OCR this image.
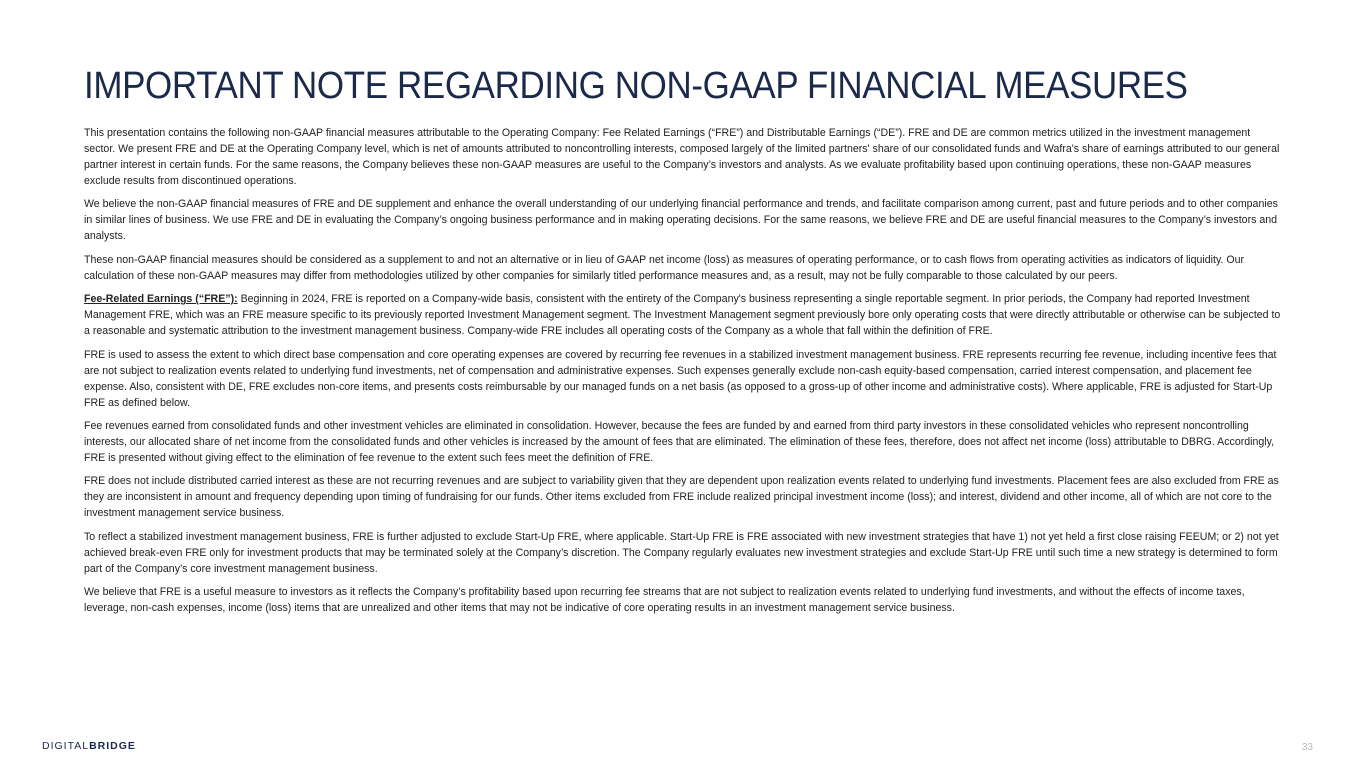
IMPORTANT NOTE REGARDING NON-GAAP FINANCIAL MEASURES

This presentation contains the following non-GAAP financial measures attributable to the Operating Company: Fee Related Earnings (“FRE”) and Distributable Earnings (“DE”). FRE and DE are common metrics utilized in the investment management sector. We present FRE and DE at the Operating Company level, which is net of amounts attributed to noncontrolling interests, composed largely of the limited partners' share of our consolidated funds and Wafra's share of earnings attributed to our general partner interest in certain funds. For the same reasons, the Company believes these non-GAAP measures are useful to the Company’s investors and analysts. As we evaluate profitability based upon continuing operations, these non-GAAP measures exclude results from discontinued operations.

We believe the non-GAAP financial measures of FRE and DE supplement and enhance the overall understanding of our underlying financial performance and trends, and facilitate comparison among current, past and future periods and to other companies in similar lines of business. We use FRE and DE in evaluating the Company’s ongoing business performance and in making operating decisions. For the same reasons, we believe FRE and DE are useful financial measures to the Company’s investors and analysts.

These non-GAAP financial measures should be considered as a supplement to and not an alternative or in lieu of GAAP net income (loss) as measures of operating performance, or to cash flows from operating activities as indicators of liquidity. Our calculation of these non-GAAP measures may differ from methodologies utilized by other companies for similarly titled performance measures and, as a result, may not be fully comparable to those calculated by our peers.

Fee-Related Earnings (“FRE”): Beginning in 2024, FRE is reported on a Company-wide basis, consistent with the entirety of the Company's business representing a single reportable segment. In prior periods, the Company had reported Investment Management FRE, which was an FRE measure specific to its previously reported Investment Management segment. The Investment Management segment previously bore only operating costs that were directly attributable or otherwise can be subjected to a reasonable and systematic attribution to the investment management business. Company-wide FRE includes all operating costs of the Company as a whole that fall within the definition of FRE.

FRE is used to assess the extent to which direct base compensation and core operating expenses are covered by recurring fee revenues in a stabilized investment management business. FRE represents recurring fee revenue, including incentive fees that are not subject to realization events related to underlying fund investments, net of compensation and administrative expenses. Such expenses generally exclude non-cash equity-based compensation, carried interest compensation, and placement fee expense. Also, consistent with DE, FRE excludes non-core items, and presents costs reimbursable by our managed funds on a net basis (as opposed to a gross-up of other income and administrative costs). Where applicable, FRE is adjusted for Start-Up FRE as defined below.

Fee revenues earned from consolidated funds and other investment vehicles are eliminated in consolidation. However, because the fees are funded by and earned from third party investors in these consolidated vehicles who represent noncontrolling interests, our allocated share of net income from the consolidated funds and other vehicles is increased by the amount of fees that are eliminated. The elimination of these fees, therefore, does not affect net income (loss) attributable to DBRG. Accordingly, FRE is presented without giving effect to the elimination of fee revenue to the extent such fees meet the definition of FRE.

FRE does not include distributed carried interest as these are not recurring revenues and are subject to variability given that they are dependent upon realization events related to underlying fund investments. Placement fees are also excluded from FRE as they are inconsistent in amount and frequency depending upon timing of fundraising for our funds. Other items excluded from FRE include realized principal investment income (loss); and interest, dividend and other income, all of which are not core to the investment management service business.

To reflect a stabilized investment management business, FRE is further adjusted to exclude Start-Up FRE, where applicable. Start-Up FRE is FRE associated with new investment strategies that have 1) not yet held a first close raising FEEUM; or 2) not yet achieved break-even FRE only for investment products that may be terminated solely at the Company’s discretion. The Company regularly evaluates new investment strategies and exclude Start-Up FRE until such time a new strategy is determined to form part of the Company’s core investment management business.

We believe that FRE is a useful measure to investors as it reflects the Company’s profitability based upon recurring fee streams that are not subject to realization events related to underlying fund investments, and without the effects of income taxes, leverage, non-cash expenses, income (loss) items that are unrealized and other items that may not be indicative of core operating results in an investment management service business.

DIGITALBRIDGE	33
